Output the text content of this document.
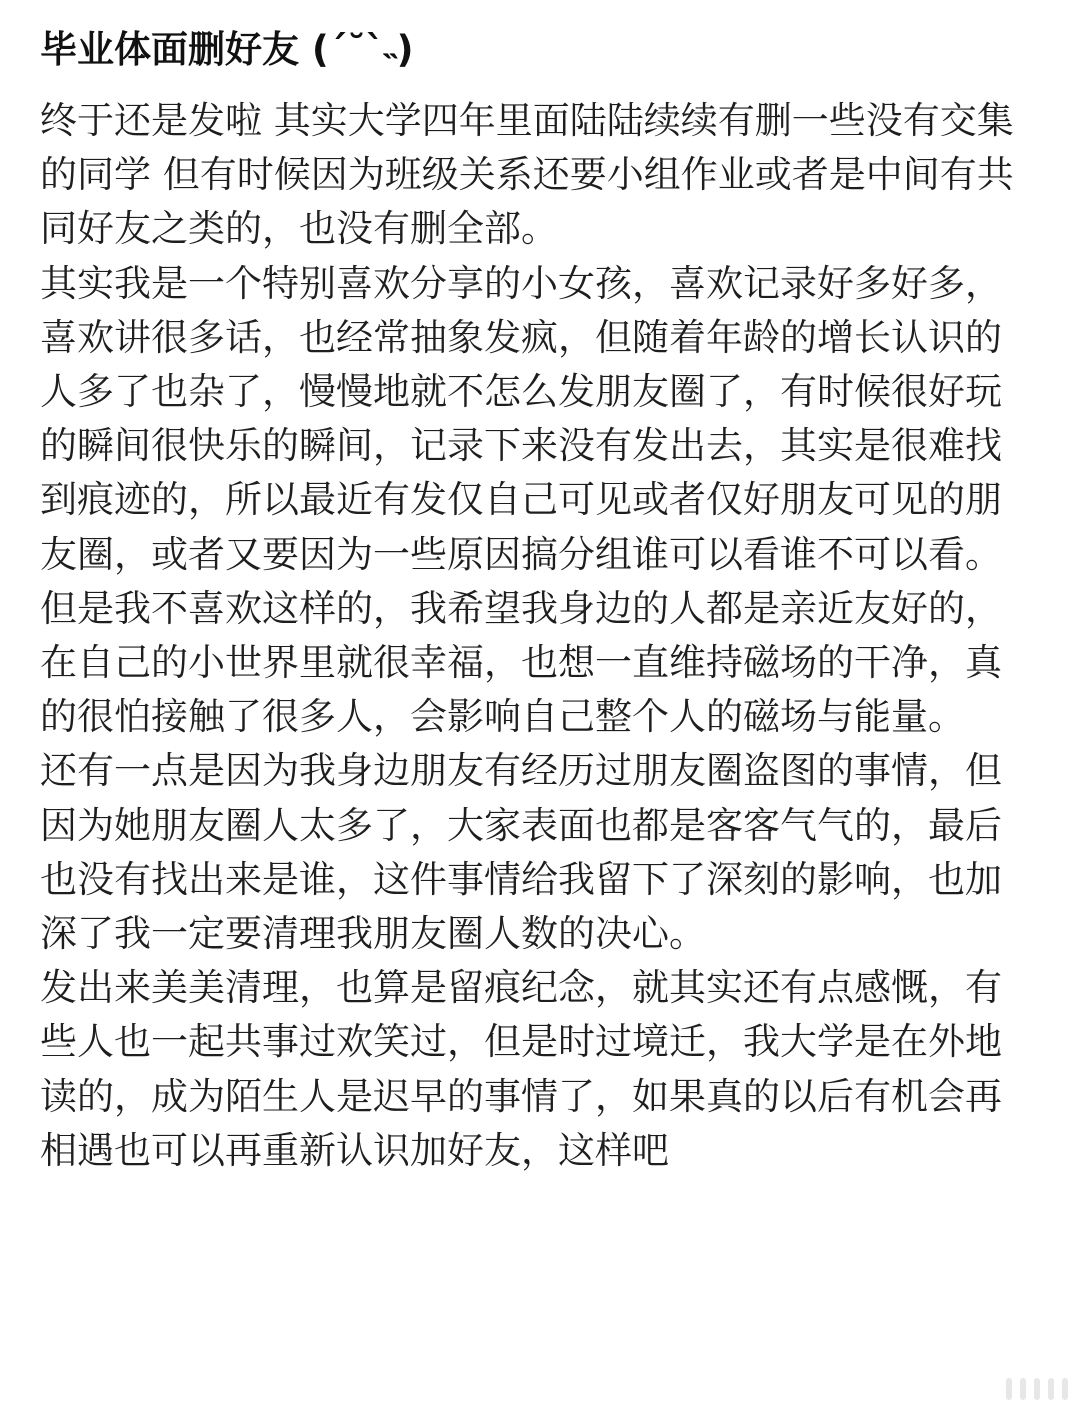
毕业体面删好友 (ˊ˘ˋ˵)

终于还是发啦 其实大学四年里面陆陆续续有删一些没有交集的同学 但有时候因为班级关系还要小组作业或者是中间有共同好友之类的，也没有删全部。

其实我是一个特别喜欢分享的小女孩，喜欢记录好多好多，喜欢讲很多话，也经常抽象发疯，但随着年龄的增长认识的人多了也杂了，慢慢地就不怎么发朋友圈了，有时候很好玩的瞬间很快乐的瞬间，记录下来没有发出去，其实是很难找到痕迹的，所以最近有发仅自己可见或者仅好朋友可见的朋友圈，或者又要因为一些原因搞分组谁可以看谁不可以看。但是我不喜欢这样的，我希望我身边的人都是亲近友好的，在自己的小世界里就很幸福，也想一直维持磁场的干净，真的很怕接触了很多人，会影响自己整个人的磁场与能量。

还有一点是因为我身边朋友有经历过朋友圈盗图的事情，但因为她朋友圈人太多了，大家表面也都是客客气气的，最后也没有找出来是谁，这件事情给我留下了深刻的影响，也加深了我一定要清理我朋友圈人数的决心。

发出来美美清理，也算是留痕纪念，就其实还有点感慨，有些人也一起共事过欢笑过，但是时过境迁，我大学是在外地读的，成为陌生人是迟早的事情了，如果真的以后有机会再相遇也可以再重新认识加好友，这样吧
